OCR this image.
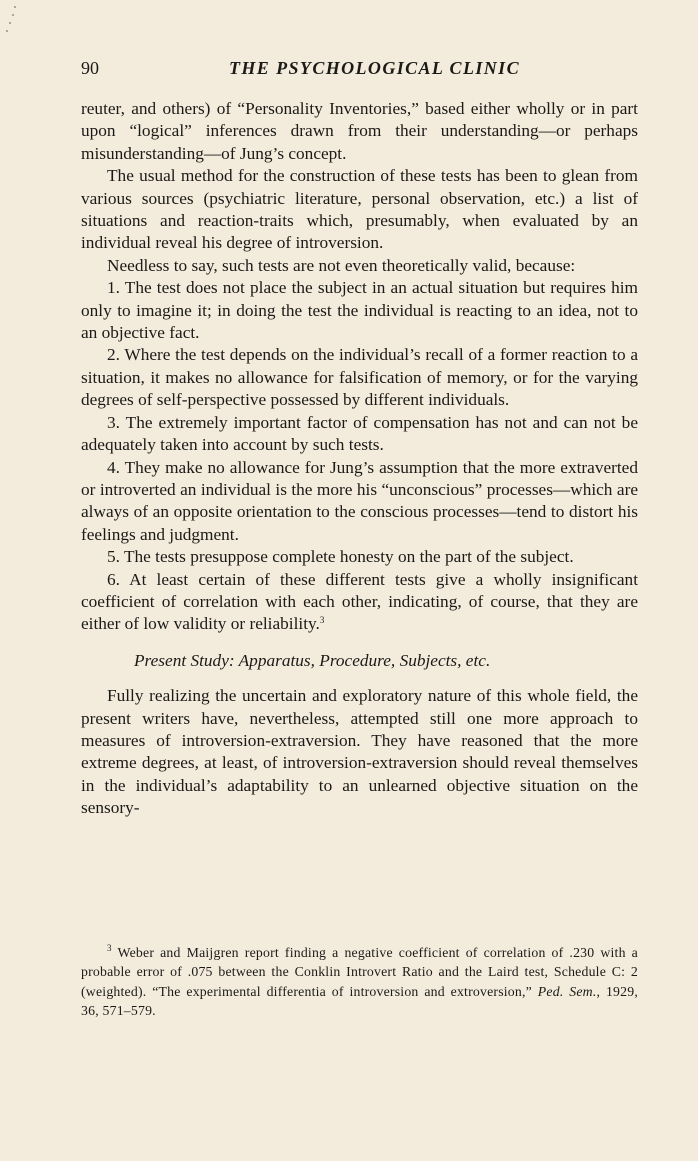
90	THE PSYCHOLOGICAL CLINIC

reuter, and others) of “Personality Inventories,” based either wholly or in part upon “logical” inferences drawn from their understanding—or perhaps misunderstanding—of Jung’s concept.

The usual method for the construction of these tests has been to glean from various sources (psychiatric literature, personal observation, etc.) a list of situations and reaction-traits which, presumably, when evaluated by an individual reveal his degree of introversion.

Needless to say, such tests are not even theoretically valid, because:

1. The test does not place the subject in an actual situation but requires him only to imagine it; in doing the test the individual is reacting to an idea, not to an objective fact.

2. Where the test depends on the individual’s recall of a former reaction to a situation, it makes no allowance for falsification of memory, or for the varying degrees of self-perspective possessed by different individuals.

3. The extremely important factor of compensation has not and can not be adequately taken into account by such tests.

4. They make no allowance for Jung’s assumption that the more extraverted or introverted an individual is the more his “unconscious” processes—which are always of an opposite orientation to the conscious processes—tend to distort his feelings and judgment.

5. The tests presuppose complete honesty on the part of the subject.

6. At least certain of these different tests give a wholly insignificant coefficient of correlation with each other, indicating, of course, that they are either of low validity or reliability.$^3$

Present Study: Apparatus, Procedure, Subjects, etc.

Fully realizing the uncertain and exploratory nature of this whole field, the present writers have, nevertheless, attempted still one more approach to measures of introversion-extraversion. They have reasoned that the more extreme degrees, at least, of introversion-extraversion should reveal themselves in the individual’s adaptability to an unlearned objective situation on the sensory-

$^3$ Weber and Maijgren report finding a negative coefficient of correlation of .230 with a probable error of .075 between the Conklin Introvert Ratio and the Laird test, Schedule C: 2 (weighted). “The experimental differentia of introversion and extroversion,” Ped. Sem., 1929, 36, 571–579.
